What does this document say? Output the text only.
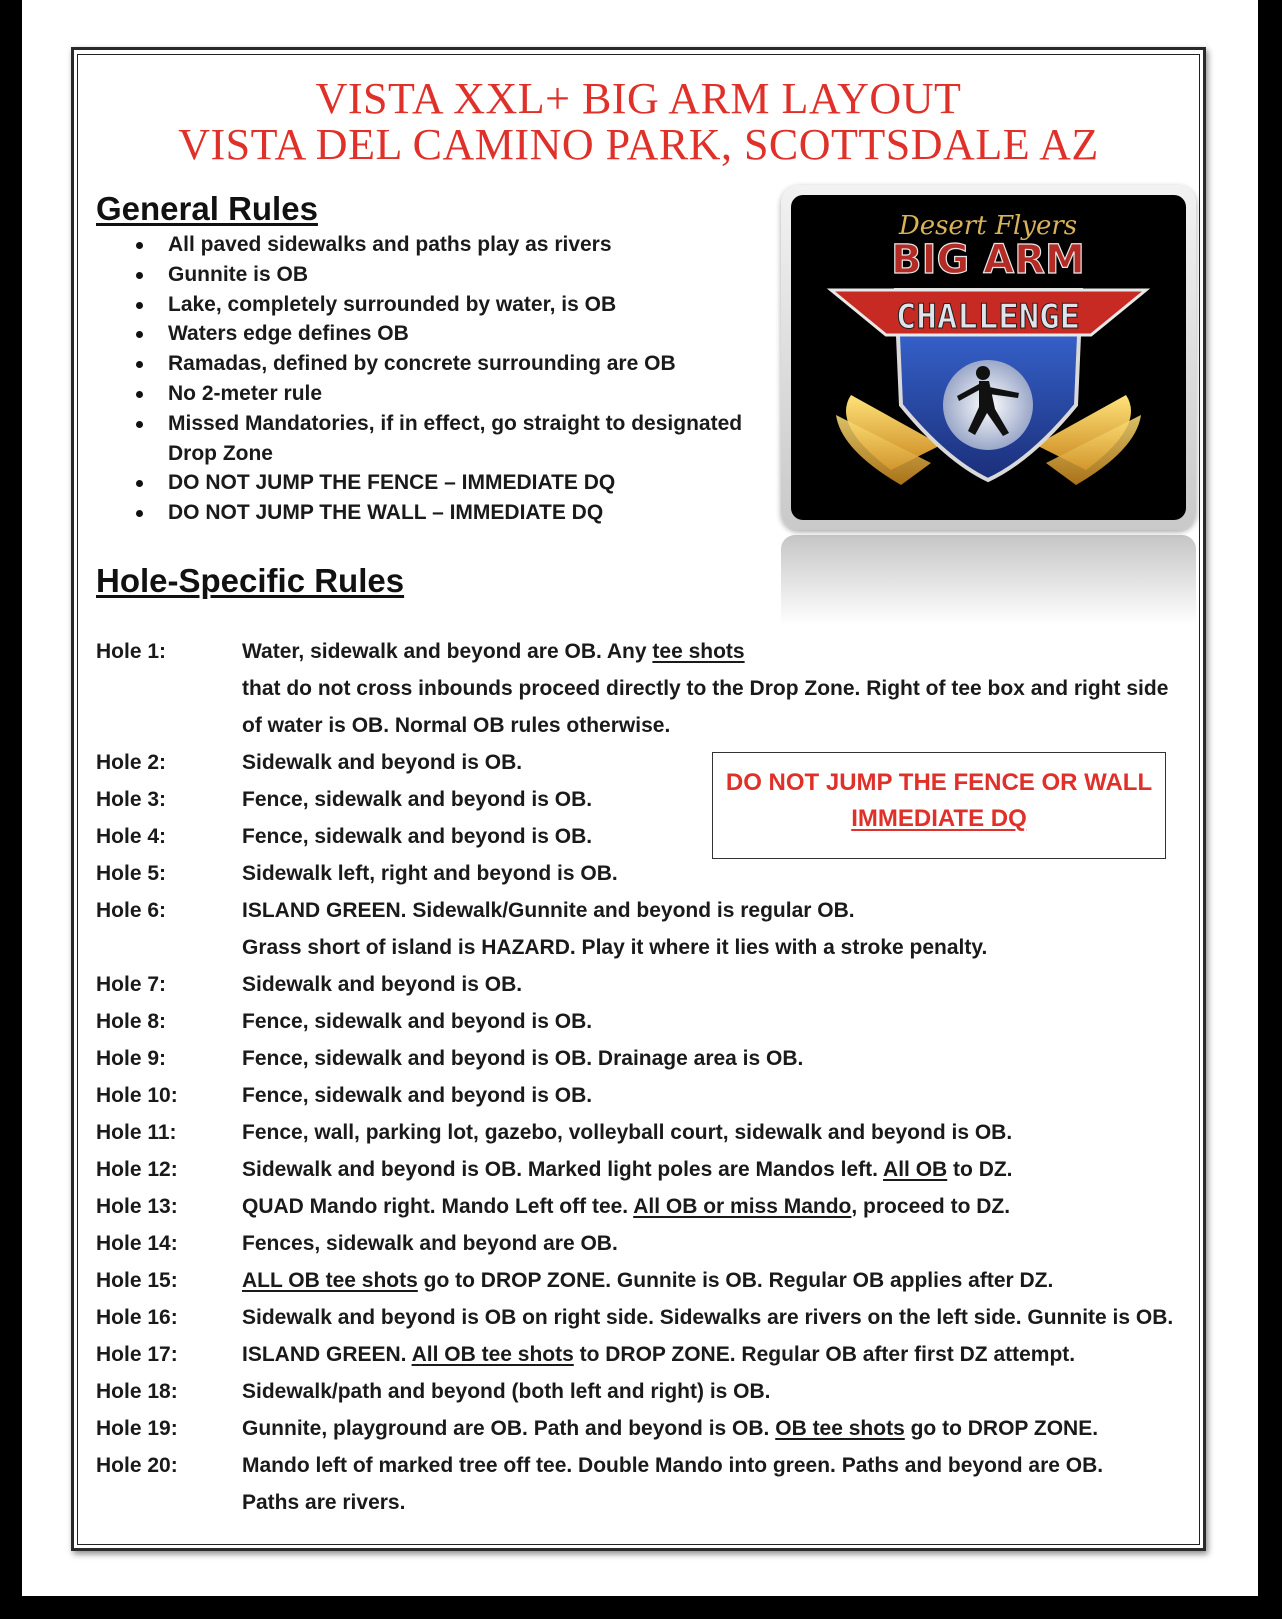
VISTA XXL+ BIG ARM LAYOUT
VISTA DEL CAMINO PARK, SCOTTSDALE AZ
General Rules
All paved sidewalks and paths play as rivers
Gunnite is OB
Lake, completely surrounded by water, is OB
Waters edge defines OB
Ramadas, defined by concrete surrounding are OB
No 2-meter rule
Missed Mandatories, if in effect, go straight to designated Drop Zone
DO NOT JUMP THE FENCE – IMMEDIATE DQ
DO NOT JUMP THE WALL – IMMEDIATE DQ
Desert Flyers
BIG ARM
CHALLENGE
Hole-Specific Rules
Hole 1:	Water, sidewalk and beyond are OB. Any tee shots
that do not cross inbounds proceed directly to the Drop Zone. Right of tee box and right side
of water is OB. Normal OB rules otherwise.
Hole 2:	Sidewalk and beyond is OB.
DO NOT JUMP THE FENCE OR WALL
IMMEDIATE DQ
Hole 3:	Fence, sidewalk and beyond is OB.
Hole 4:	Fence, sidewalk and beyond is OB.
Hole 5:	Sidewalk left, right and beyond is OB.
Hole 6:	ISLAND GREEN. Sidewalk/Gunnite and beyond is regular OB.
Grass short of island is HAZARD. Play it where it lies with a stroke penalty.
Hole 7:	Sidewalk and beyond is OB.
Hole 8:	Fence, sidewalk and beyond is OB.
Hole 9:	Fence, sidewalk and beyond is OB. Drainage area is OB.
Hole 10:	Fence, sidewalk and beyond is OB.
Hole 11:	Fence, wall, parking lot, gazebo, volleyball court, sidewalk and beyond is OB.
Hole 12:	Sidewalk and beyond is OB. Marked light poles are Mandos left. All OB to DZ.
Hole 13:	QUAD Mando right. Mando Left off tee. All OB or miss Mando, proceed to DZ.
Hole 14:	Fences, sidewalk and beyond are OB.
Hole 15:	ALL OB tee shots go to DROP ZONE. Gunnite is OB. Regular OB applies after DZ.
Hole 16:	Sidewalk and beyond is OB on right side. Sidewalks are rivers on the left side. Gunnite is OB.
Hole 17:	ISLAND GREEN. All OB tee shots to DROP ZONE. Regular OB after first DZ attempt.
Hole 18:	Sidewalk/path and beyond (both left and right) is OB.
Hole 19:	Gunnite, playground are OB. Path and beyond is OB. OB tee shots go to DROP ZONE.
Hole 20:	Mando left of marked tree off tee. Double Mando into green. Paths and beyond are OB.
Paths are rivers.
